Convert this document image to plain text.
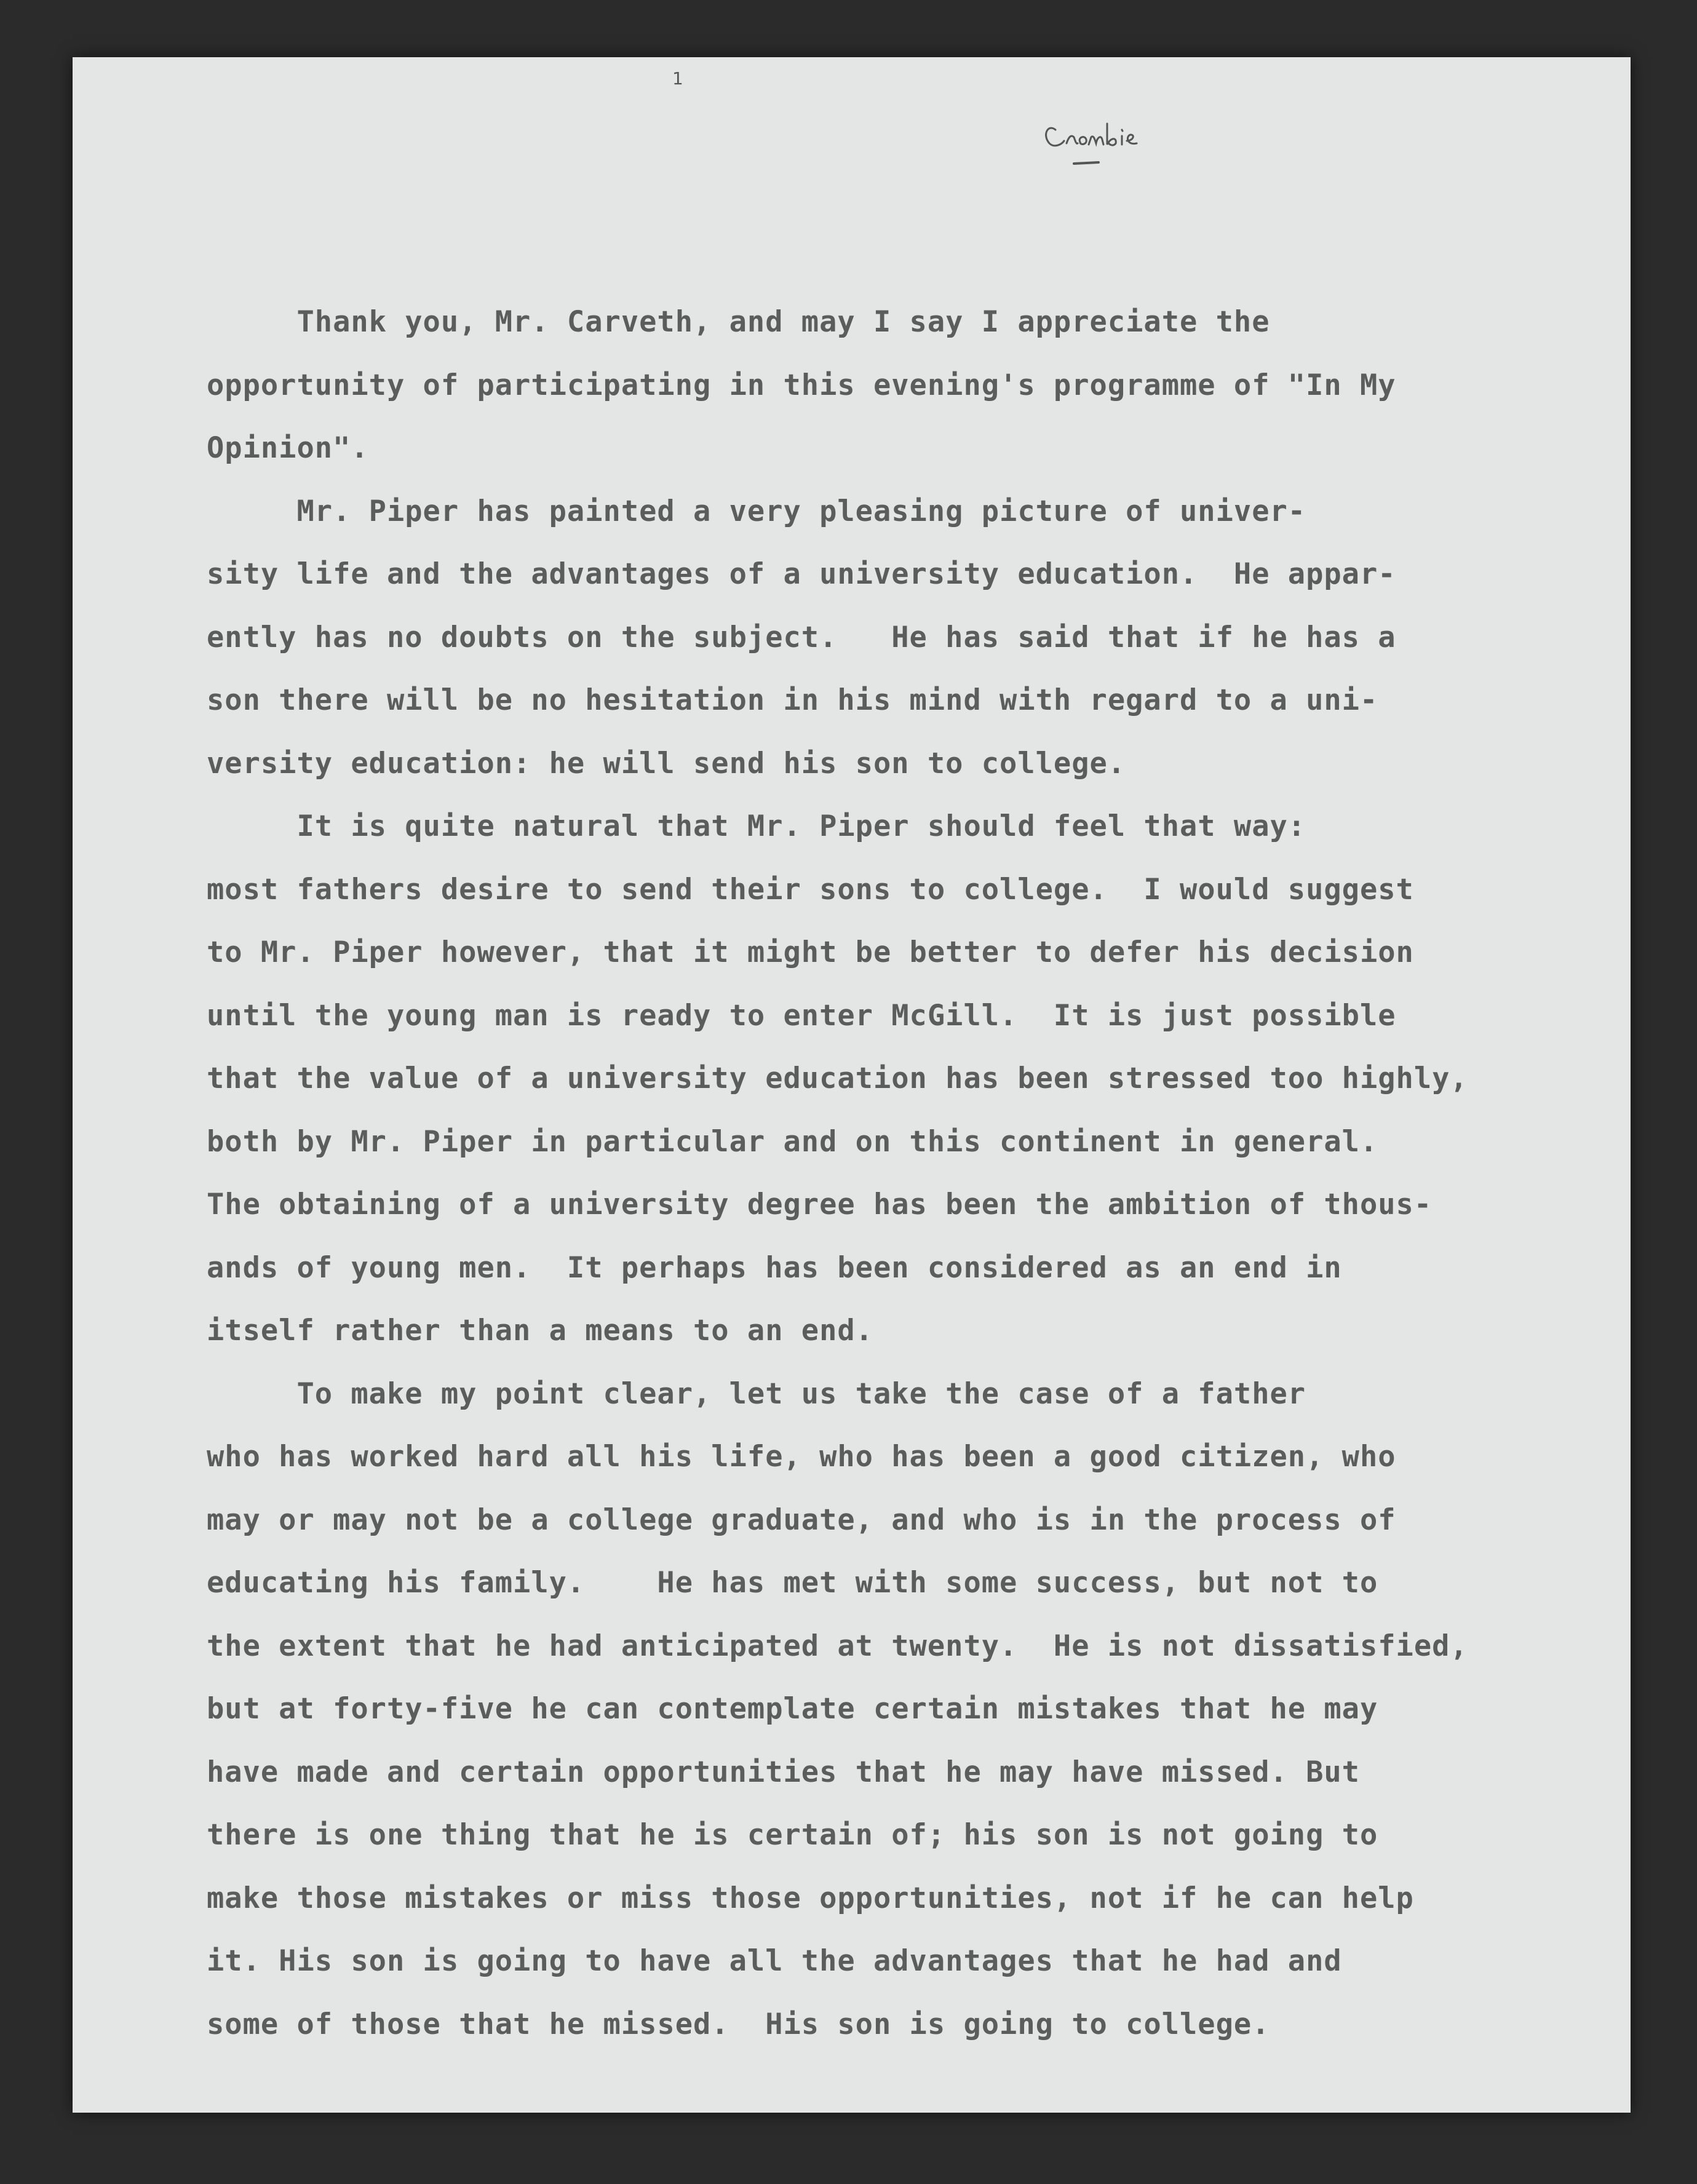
1
Crombie
Thank you, Mr. Carveth, and may I say I appreciate the
opportunity of participating in this evening's programme of "In My
Opinion".
Mr. Piper has painted a very pleasing picture of univer-
sity life and the advantages of a university education.  He appar-
ently has no doubts on the subject.   He has said that if he has a
son there will be no hesitation in his mind with regard to a uni-
versity education: he will send his son to college.
It is quite natural that Mr. Piper should feel that way:
most fathers desire to send their sons to college.  I would suggest
to Mr. Piper however, that it might be better to defer his decision
until the young man is ready to enter McGill.  It is just possible
that the value of a university education has been stressed too highly,
both by Mr. Piper in particular and on this continent in general.
The obtaining of a university degree has been the ambition of thous-
ands of young men.  It perhaps has been considered as an end in
itself rather than a means to an end.
To make my point clear, let us take the case of a father
who has worked hard all his life, who has been a good citizen, who
may or may not be a college graduate, and who is in the process of
educating his family.    He has met with some success, but not to
the extent that he had anticipated at twenty.  He is not dissatisfied,
but at forty-five he can contemplate certain mistakes that he may
have made and certain opportunities that he may have missed. But
there is one thing that he is certain of; his son is not going to
make those mistakes or miss those opportunities, not if he can help
it. His son is going to have all the advantages that he had and
some of those that he missed.  His son is going to college.
